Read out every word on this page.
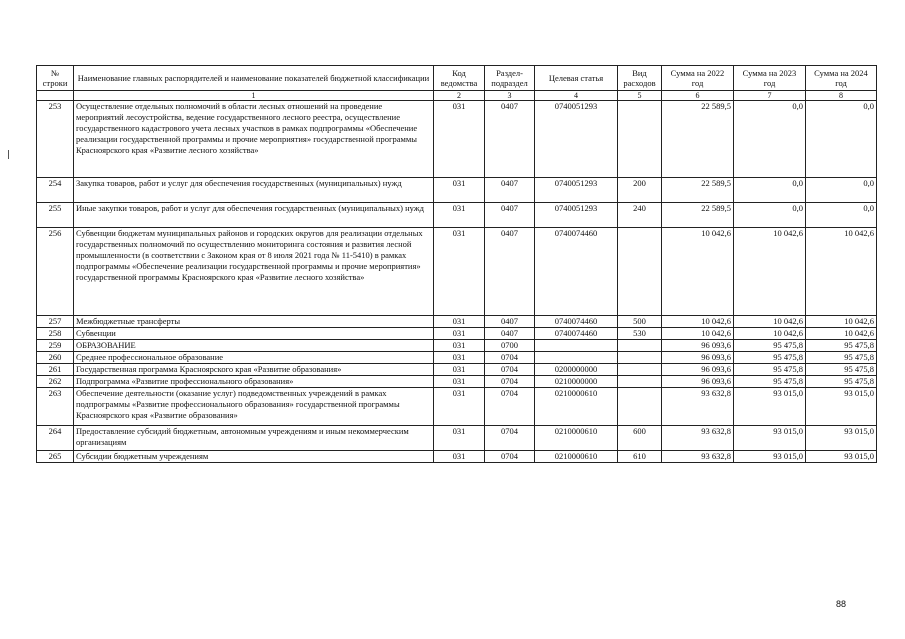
№ строки	Наименование главных распорядителей и наименование показателей бюджетной классификации	Код ведомства	Раздел-подраздел	Целевая статья	Вид расходов	Сумма на 2022 год	Сумма на 2023 год	Сумма на 2024 год
	1	2	3	4	5	6	7	8
253	Осуществление отдельных полномочий в области лесных отношений на проведение мероприятий лесоустройства, ведение государственного лесного реестра, осуществление государственного кадастрового учета лесных участков в рамках подпрограммы «Обеспечение реализации государственной программы и прочие мероприятия» государственной программы Красноярского края «Развитие лесного хозяйства»	031	0407	0740051293		22 589,5	0,0	0,0
254	Закупка товаров, работ и услуг для обеспечения государственных (муниципальных) нужд	031	0407	0740051293	200	22 589,5	0,0	0,0
255	Иные закупки товаров, работ и услуг для обеспечения государственных (муниципальных) нужд	031	0407	0740051293	240	22 589,5	0,0	0,0
256	Субвенции бюджетам муниципальных районов и городских округов для реализации отдельных государственных полномочий по осуществлению мониторинга состояния и развития лесной промышленности (в соответствии с Законом края от 8 июля 2021 года № 11-5410) в рамках подпрограммы «Обеспечение реализации государственной программы и прочие мероприятия» государственной программы Красноярского края «Развитие лесного хозяйства»	031	0407	0740074460		10 042,6	10 042,6	10 042,6
257	Межбюджетные трансферты	031	0407	0740074460	500	10 042,6	10 042,6	10 042,6
258	Субвенции	031	0407	0740074460	530	10 042,6	10 042,6	10 042,6
259	ОБРАЗОВАНИЕ	031	0700			96 093,6	95 475,8	95 475,8
260	Среднее профессиональное образование	031	0704			96 093,6	95 475,8	95 475,8
261	Государственная программа Красноярского края «Развитие образования»	031	0704	0200000000		96 093,6	95 475,8	95 475,8
262	Подпрограмма «Развитие профессионального образования»	031	0704	0210000000		96 093,6	95 475,8	95 475,8
263	Обеспечение деятельности (оказание услуг) подведомственных учреждений в рамках подпрограммы «Развитие профессионального образования» государственной программы Красноярского края «Развитие образования»	031	0704	0210000610		93 632,8	93 015,0	93 015,0
264	Предоставление субсидий бюджетным, автономным учреждениям и иным некоммерческим организациям	031	0704	0210000610	600	93 632,8	93 015,0	93 015,0
265	Субсидии бюджетным учреждениям	031	0704	0210000610	610	93 632,8	93 015,0	93 015,0
88
